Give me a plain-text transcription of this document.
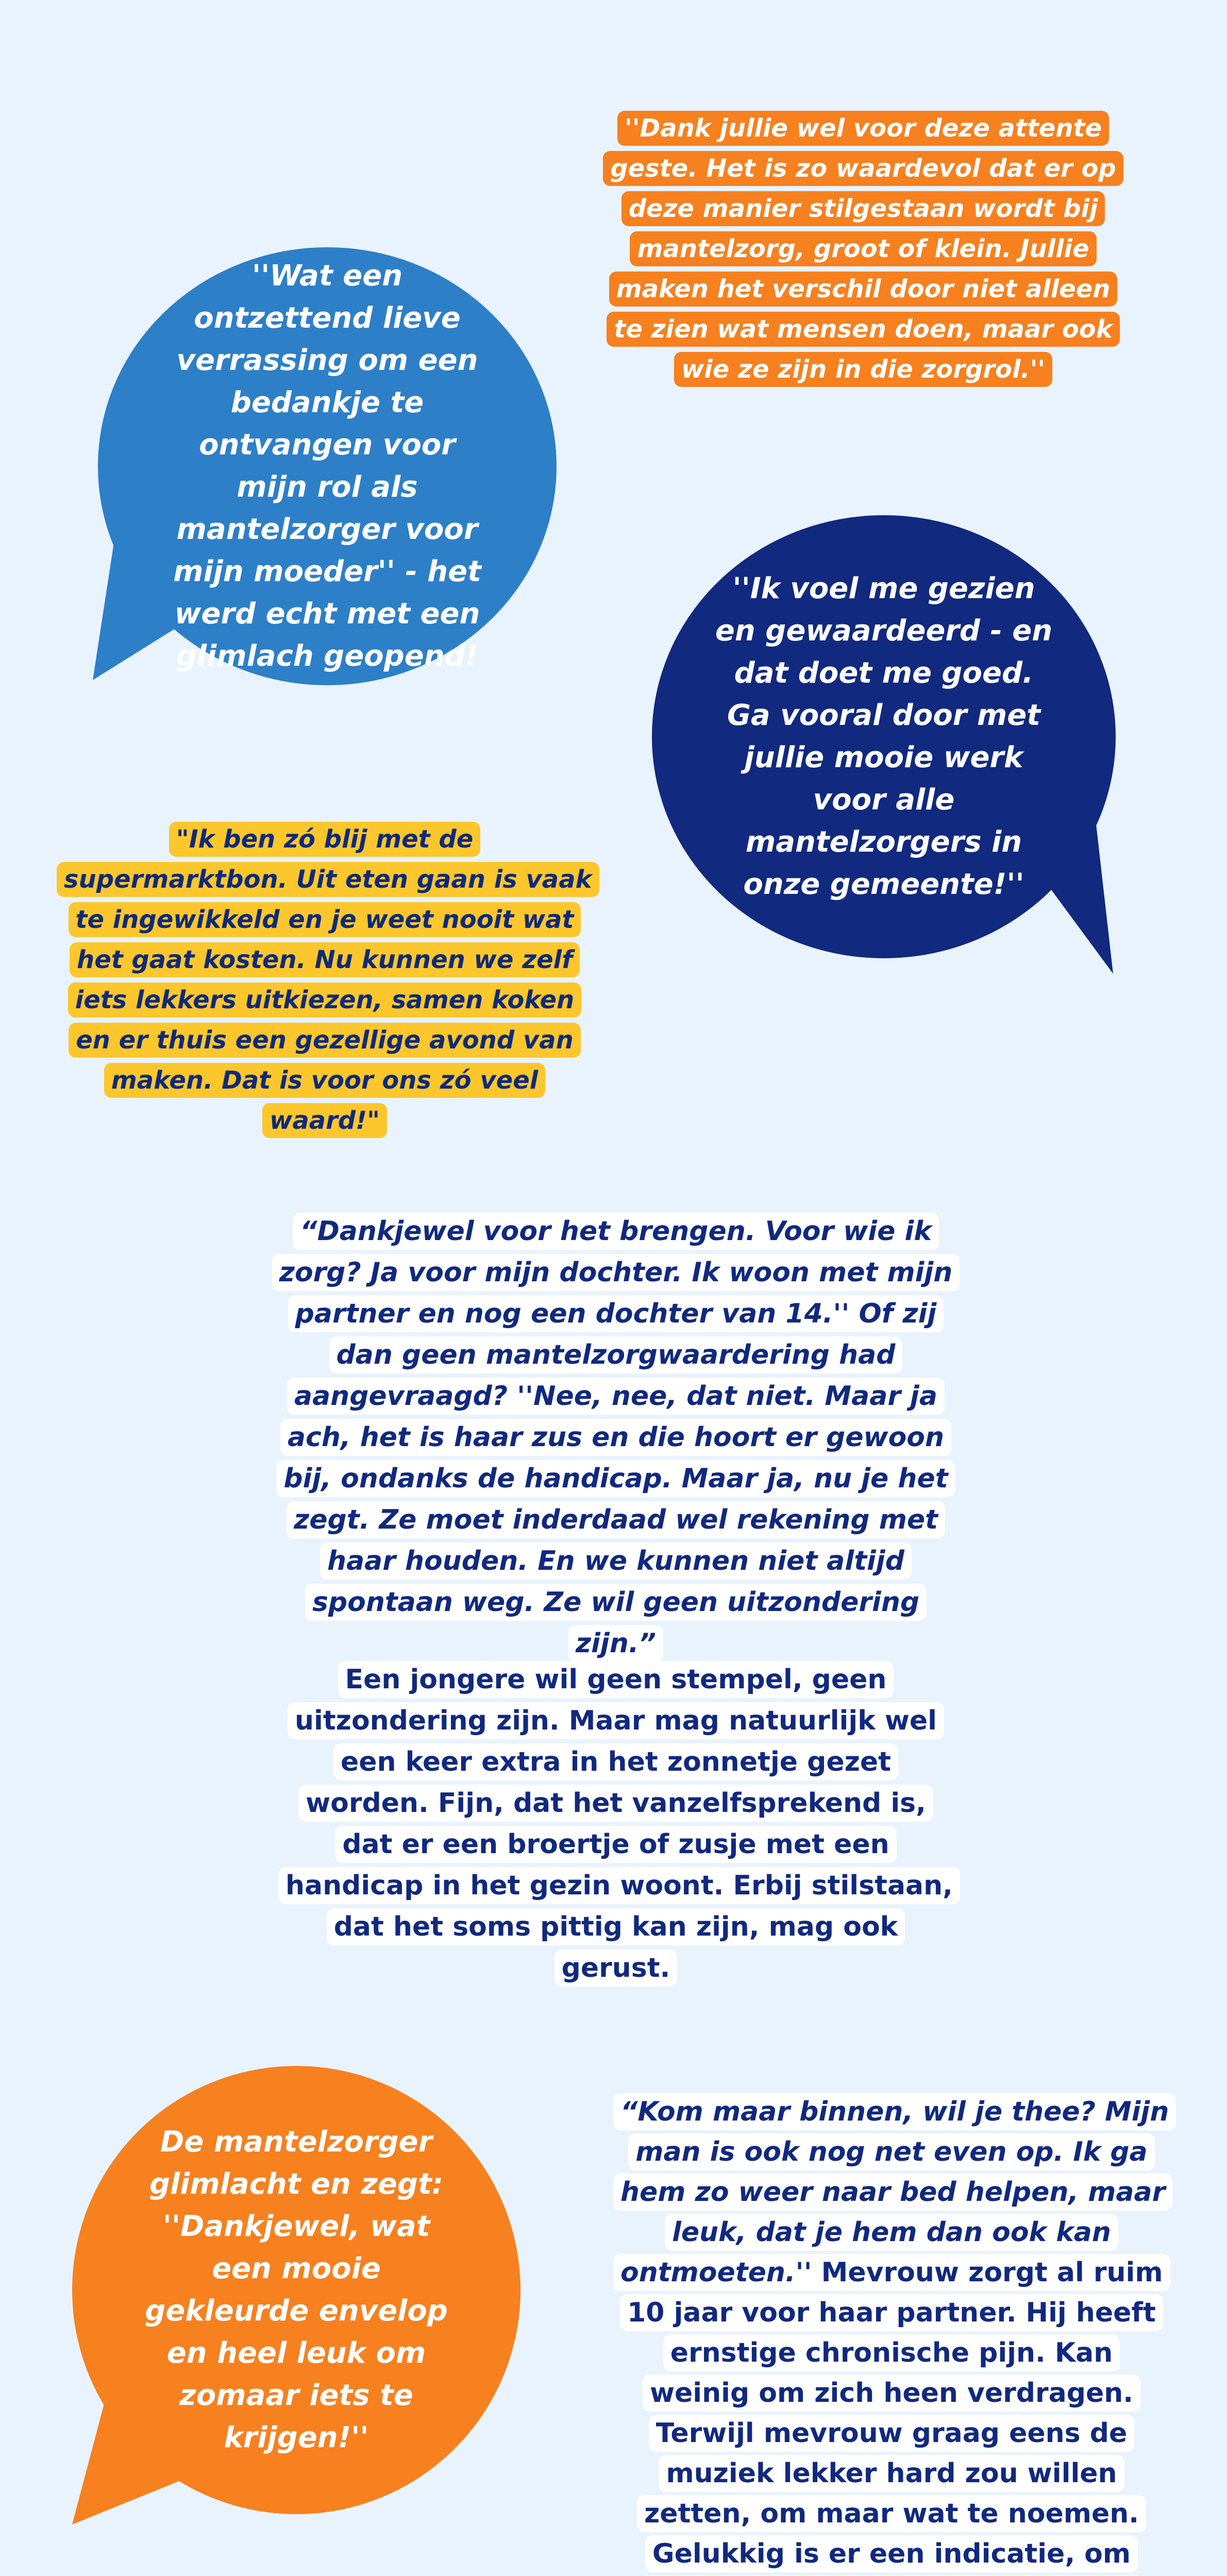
''Dank jullie wel voor deze attente geste. Het is zo waardevol dat er op deze manier stilgestaan wordt bij mantelzorg, groot of klein. Jullie maken het verschil door niet alleen te zien wat mensen doen, maar ook wie ze zijn in die zorgrol.''
''Wat een ontzettend lieve verrassing om een bedankje te ontvangen voor mijn rol als mantelzorger voor mijn moeder'' - het werd echt met een glimlach geopend!
''Ik voel me gezien en gewaardeerd - en dat doet me goed. Ga vooral door met jullie mooie werk voor alle mantelzorgers in onze gemeente!''
"Ik ben zó blij met de supermarktbon. Uit eten gaan is vaak te ingewikkeld en je weet nooit wat het gaat kosten. Nu kunnen we zelf iets lekkers uitkiezen, samen koken en er thuis een gezellige avond van maken. Dat is voor ons zó veel waard!"
“Dankjewel voor het brengen. Voor wie ik zorg? Ja voor mijn dochter. Ik woon met mijn partner en nog een dochter van 14.'' Of zij dan geen mantelzorgwaardering had aangevraagd? ''Nee, nee, dat niet. Maar ja ach, het is haar zus en die hoort er gewoon bij, ondanks de handicap. Maar ja, nu je het zegt. Ze moet inderdaad wel rekening met haar houden. En we kunnen niet altijd spontaan weg. Ze wil geen uitzondering zijn.”
Een jongere wil geen stempel, geen uitzondering zijn. Maar mag natuurlijk wel een keer extra in het zonnetje gezet worden. Fijn, dat het vanzelfsprekend is, dat er een broertje of zusje met een handicap in het gezin woont. Erbij stilstaan, dat het soms pittig kan zijn, mag ook gerust.
De mantelzorger glimlacht en zegt: ''Dankjewel, wat een mooie gekleurde envelop en heel leuk om zomaar iets te krijgen!''
“Kom maar binnen, wil je thee? Mijn man is ook nog net even op. Ik ga hem zo weer naar bed helpen, maar leuk, dat je hem dan ook kan ontmoeten.'' Mevrouw zorgt al ruim 10 jaar voor haar partner. Hij heeft ernstige chronische pijn. Kan weinig om zich heen verdragen. Terwijl mevrouw graag eens de muziek lekker hard zou willen zetten, om maar wat te noemen. Gelukkig is er een indicatie, om
